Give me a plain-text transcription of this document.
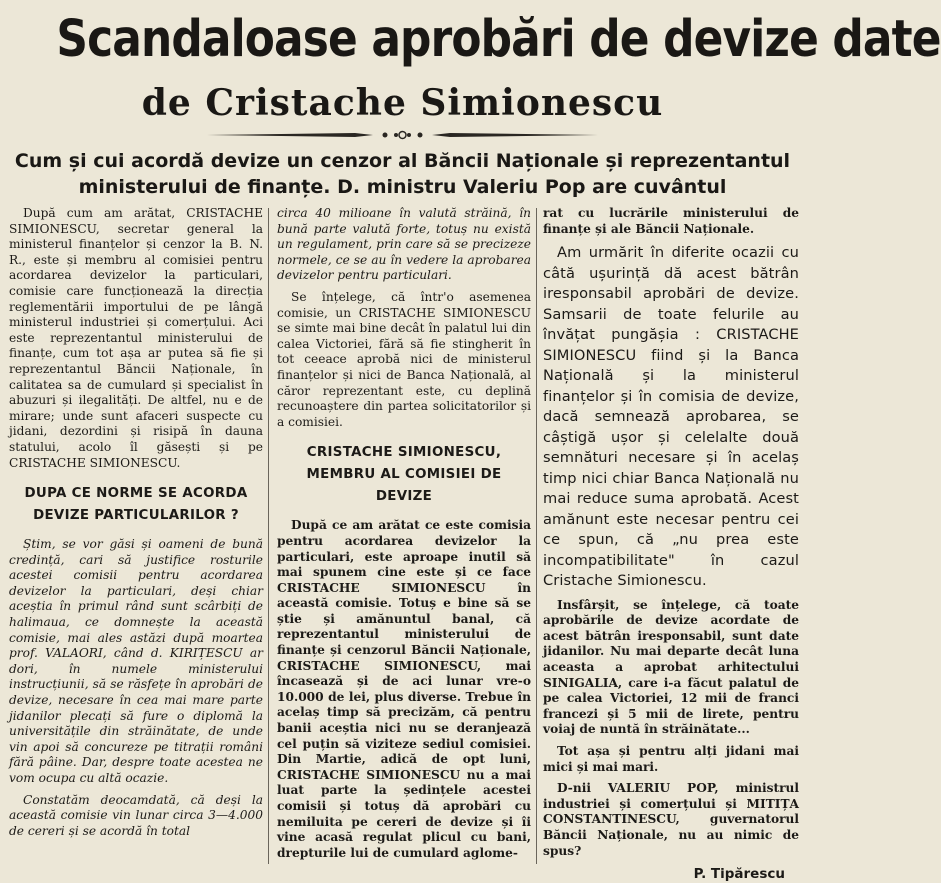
Scandaloase aprobări de devize date
de Cristache Simionescu
Cum și cui acordă devize un cenzor al Băncii Naționale și reprezentantul ministerului de finanțe. D. ministru Valeriu Pop are cuvântul

După cum am arătat, CRISTACHE SIMIONESCU, secretar general la ministerul finanțelor și cenzor la B. N. R., este și membru al comisiei pentru acordarea devizelor la particulari, comisie care funcționează la direcția reglementării importului de pe lângă ministerul industriei și comerțului. Aci este reprezentantul ministerului de finanțe, cum tot așa ar putea să fie și reprezentantul Băncii Naționale, în calitatea sa de cumulard și specialist în abuzuri și ilegalități. De altfel, nu e de mirare; unde sunt afaceri suspecte cu jidani, dezordini și risipă în dauna statului, acolo îl găsești și pe CRISTACHE SIMIONESCU.

DUPA CE NORME SE ACORDA DEVIZE PARTICULARILOR ?

Știm, se vor găsi și oameni de bună credință, cari să justifice rosturile acestei comisii pentru acordarea devizelor la particulari, deși chiar aceștia în primul rând sunt scârbiți de halimaua, ce domnește la această comisie, mai ales astăzi după moartea prof. VALAORI, când d. KIRIȚESCU ar dori, în numele ministerului instrucțiunii, să se răsfețe în aprobări de devize, necesare în cea mai mare parte jidanilor plecați să fure o diplomă la universitățile din străinătate, de unde vin apoi să concureze pe titrații români fără pâine. Dar, despre toate acestea ne vom ocupa cu altă ocazie.

Constatăm deocamdată, că deși la această comisie vin lunar circa 3—4.000 de cereri și se acordă în total

circa 40 milioane în valută străină, în bună parte valută forte, totuș nu există un regulament, prin care să se precizeze normele, ce se au în vedere la aprobarea devizelor pentru particulari.

Se înțelege, că într'o asemenea comisie, un CRISTACHE SIMIONESCU se simte mai bine decât în palatul lui din calea Victoriei, fără să fie stingherit în tot ceeace aprobă nici de ministerul finanțelor și nici de Banca Națională, al căror reprezentant este, cu deplină recunoaștere din partea solicitatorilor și a comisiei.

CRISTACHE SIMIONESCU, MEMBRU AL COMISIEI DE DEVIZE

După ce am arătat ce este comisia pentru acordarea devizelor la particulari, este aproape inutil să mai spunem cine este și ce face CRISTACHE SIMIONESCU în această comisie. Totuș e bine să se știe și amănuntul banal, că reprezentantul ministerului de finanțe și cenzorul Băncii Naționale, CRISTACHE SIMIONESCU, mai încasează și de aci lunar vre-o 10.000 de lei, plus diverse. Trebue în acelaș timp să precizăm, că pentru banii aceștia nici nu se deranjează cel puțin să viziteze sediul comisiei. Din Martie, adică de opt luni, CRISTACHE SIMIONESCU nu a mai luat parte la ședințele acestei comisii și totuș dă aprobări cu nemiluita pe cereri de devize și îi vine acasă regulat plicul cu bani, drepturile lui de cumulard aglome-

rat cu lucrările ministerului de finanțe și ale Băncii Naționale.

Am urmărit în diferite ocazii cu câtă ușurință dă acest bătrân iresponsabil aprobări de devize. Samsarii de toate felurile au învățat pungășia : CRISTACHE SIMIONESCU fiind și la Banca Națională și la ministerul finanțelor și în comisia de devize, dacă semnează aprobarea, se câștigă ușor și celelalte două semnături necesare și în acelaș timp nici chiar Banca Națională nu mai reduce suma aprobată. Acest amănunt este necesar pentru cei ce spun, că „nu prea este incompatibilitate" în cazul Cristache Simionescu.

Insfârșit, se înțelege, că toate aprobările de devize acordate de acest bătrân iresponsabil, sunt date jidanilor. Nu mai departe decât luna aceasta a aprobat arhitectului SINIGALIA, care i-a făcut palatul de pe calea Victoriei, 12 mii de franci francezi și 5 mii de lirete, pentru voiaj de nuntă în străinătate...

Tot așa și pentru alți jidani mai mici și mai mari.

D-nii VALERIU POP, ministrul industriei și comerțului și MITIȚA CONSTANTINESCU, guvernatorul Băncii Naționale, nu au nimic de spus?

P. Tipărescu
